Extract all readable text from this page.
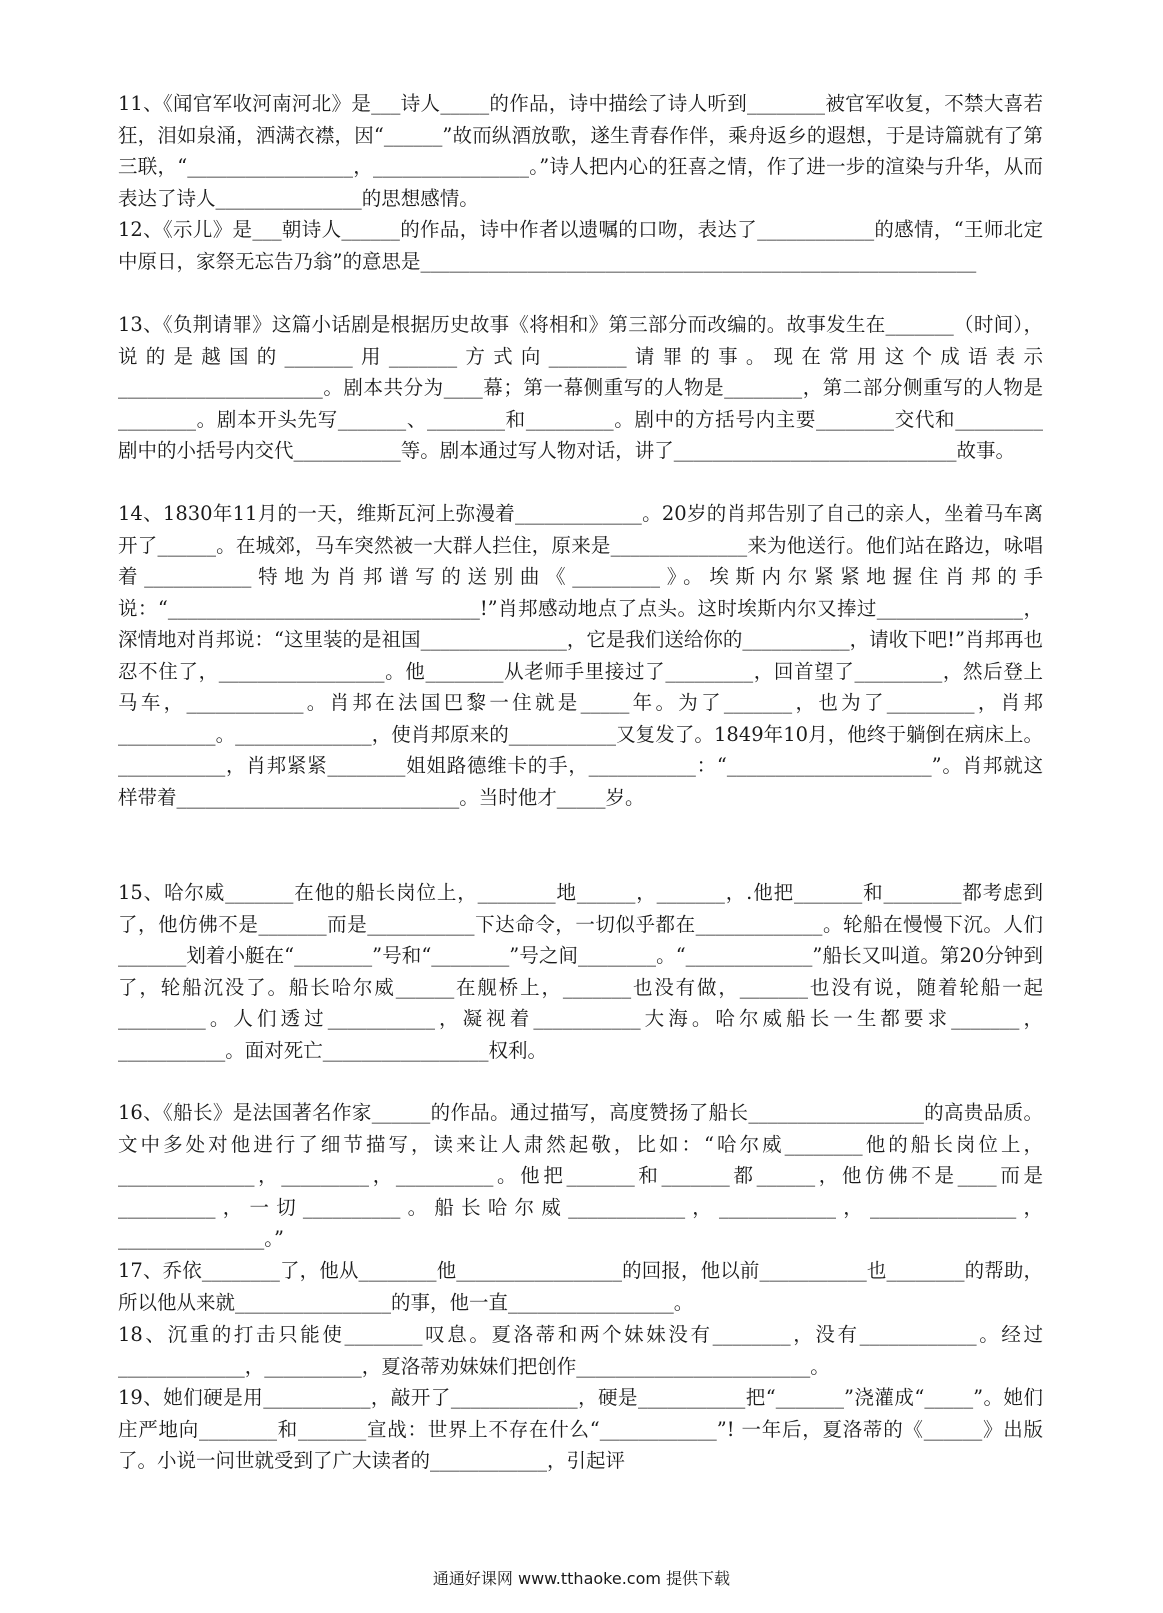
11、《闻官军收河南河北》是___诗人_____的作品，诗中描绘了诗人听到________被官军收复，不禁大喜若狂，泪如泉涌，洒满衣襟，因“______”故而纵酒放歌，遂生青春作伴，乘舟返乡的遐想，于是诗篇就有了第三联，“_________________，________________。”诗人把内心的狂喜之情，作了进一步的渲染与升华，从而表达了诗人_______________的思想感情。

12、《示儿》是___朝诗人______的作品，诗中作者以遗嘱的口吻，表达了____________的感情，“王师北定中原日，家祭无忘告乃翁”的意思是_________________________________________________________

13、《负荆请罪》这篇小话剧是根据历史故事《将相和》第三部分而改编的。故事发生在_______（时间），说的是越国的_______用_______方式向________请罪的事。现在常用这个成语表示_____________________。剧本共分为____幕；第一幕侧重写的人物是________，第二部分侧重写的人物是________。剧本开头先写_______、________和_________。剧中的方括号内主要________交代和_________剧中的小括号内交代___________等。剧本通过写人物对话，讲了_____________________________故事。

14、1830年11月的一天，维斯瓦河上弥漫着_____________。20岁的肖邦告别了自己的亲人，坐着马车离开了______。在城郊，马车突然被一大群人拦住，原来是______________来为他送行。他们站在路边，咏唱着___________特地为肖邦谱写的送别曲《_________》。埃斯内尔紧紧地握住肖邦的手说：“________________________________!”肖邦感动地点了点头。这时埃斯内尔又捧过_______________，深情地对肖邦说：“这里装的是祖国_______________，它是我们送给你的___________，请收下吧!”肖邦再也忍不住了，_________________。他________从老师手里接过了_________，回首望了_________，然后登上马车，____________。肖邦在法国巴黎一住就是_____年。为了_______，也为了_________，肖邦__________。______________，使肖邦原来的___________又复发了。1849年10月，他终于躺倒在病床上。___________，肖邦紧紧________姐姐路德维卡的手，___________：“_____________________”。肖邦就这样带着_____________________________。当时他才_____岁。

15、哈尔威_______在他的船长岗位上，________地______，_______，.他把_______和________都考虑到了，他仿佛不是_______而是___________下达命令，一切似乎都在_____________。轮船在慢慢下沉。人们_______划着小艇在“________”号和“________”号之间________。“_____________”船长又叫道。第20分钟到了，轮船沉没了。船长哈尔威______在舰桥上，_______也没有做，_______也没有说，随着轮船一起_________。人们透过___________，凝视着___________大海。哈尔威船长一生都要求_______，___________。面对死亡_________________权利。

16、《船长》是法国著名作家______的作品。通过描写，高度赞扬了船长__________________的高贵品质。文中多处对他进行了细节描写，读来让人肃然起敬，比如：“哈尔威________他的船长岗位上，______________，_________，__________。他把_______和_______都______，他仿佛不是____而是__________，一切__________。船长哈尔威____________，____________，_______________，_______________。”

17、乔依________了，他从________他_________________的回报，他以前___________也________的帮助，所以他从来就________________的事，他一直_________________。

18、沉重的打击只能使________叹息。夏洛蒂和两个妹妹没有________，没有____________。经过_____________，__________，夏洛蒂劝妹妹们把创作________________________。

19、她们硬是用___________，敲开了_____________，硬是___________把“_______”浇灌成“_____”。她们庄严地向________和_______宣战：世界上不存在什么“____________”! 一年后，夏洛蒂的《______》出版了。小说一问世就受到了广大读者的____________，引起评

通通好课网 www.tthaoke.com 提供下载
